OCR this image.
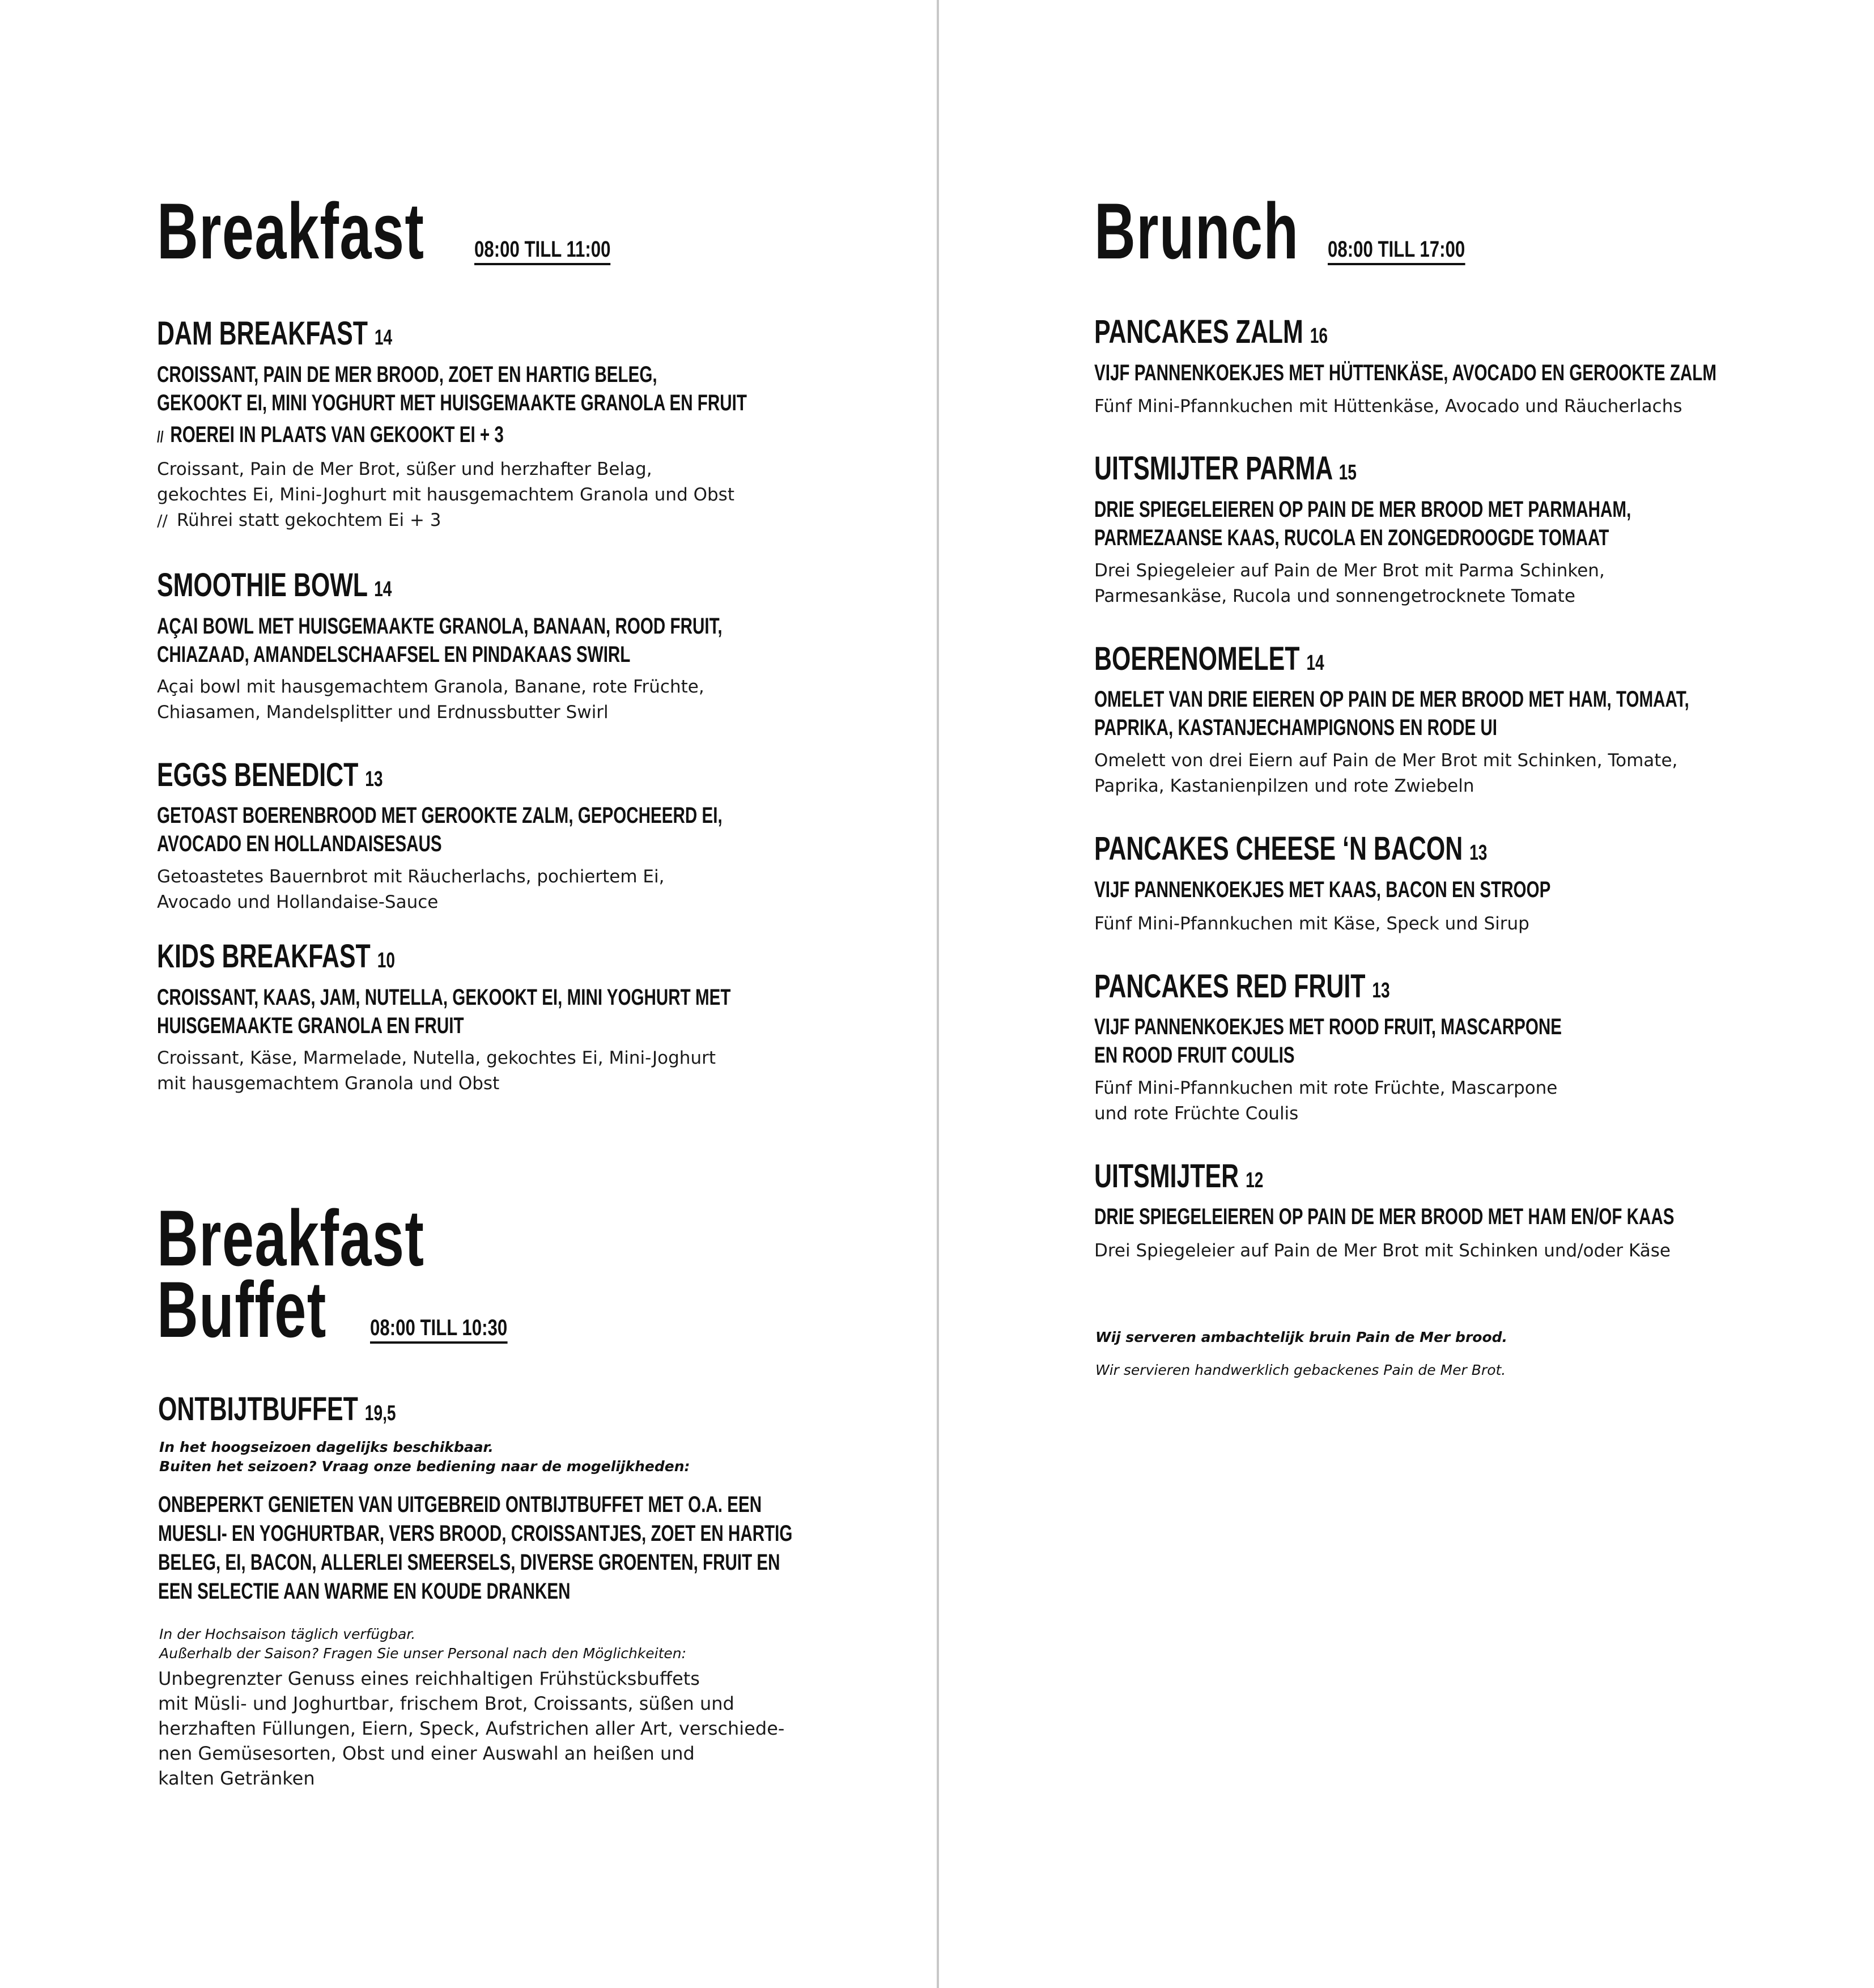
Breakfast	08:00 TILL 11:00
DAM BREAKFAST 14
CROISSANT, PAIN DE MER BROOD, ZOET EN HARTIG BELEG,
GEKOOKT EI, MINI YOGHURT MET HUISGEMAAKTE GRANOLA EN FRUIT
// ROEREI IN PLAATS VAN GEKOOKT EI + 3
Croissant, Pain de Mer Brot, süßer und herzhafter Belag,
gekochtes Ei, Mini-Joghurt mit hausgemachtem Granola und Obst
// Rührei statt gekochtem Ei + 3
SMOOTHIE BOWL 14
AÇAI BOWL MET HUISGEMAAKTE GRANOLA, BANAAN, ROOD FRUIT,
CHIAZAAD, AMANDELSCHAAFSEL EN PINDAKAAS SWIRL
Açai bowl mit hausgemachtem Granola, Banane, rote Früchte,
Chiasamen, Mandelsplitter und Erdnussbutter Swirl
EGGS BENEDICT 13
GETOAST BOERENBROOD MET GEROOKTE ZALM, GEPOCHEERD EI,
AVOCADO EN HOLLANDAISESAUS
Getoastetes Bauernbrot mit Räucherlachs, pochiertem Ei,
Avocado und Hollandaise-Sauce
KIDS BREAKFAST 10
CROISSANT, KAAS, JAM, NUTELLA, GEKOOKT EI, MINI YOGHURT MET
HUISGEMAAKTE GRANOLA EN FRUIT
Croissant, Käse, Marmelade, Nutella, gekochtes Ei, Mini-Joghurt
mit hausgemachtem Granola und Obst
Breakfast
Buffet	08:00 TILL 10:30
ONTBIJTBUFFET 19,5
In het hoogseizoen dagelijks beschikbaar.
Buiten het seizoen? Vraag onze bediening naar de mogelijkheden:
ONBEPERKT GENIETEN VAN UITGEBREID ONTBIJTBUFFET MET O.A. EEN
MUESLI- EN YOGHURTBAR, VERS BROOD, CROISSANTJES, ZOET EN HARTIG
BELEG, EI, BACON, ALLERLEI SMEERSELS, DIVERSE GROENTEN, FRUIT EN
EEN SELECTIE AAN WARME EN KOUDE DRANKEN
In der Hochsaison täglich verfügbar.
Außerhalb der Saison? Fragen Sie unser Personal nach den Möglichkeiten:
Unbegrenzter Genuss eines reichhaltigen Frühstücksbuffets
mit Müsli- und Joghurtbar, frischem Brot, Croissants, süßen und
herzhaften Füllungen, Eiern, Speck, Aufstrichen aller Art, verschiede-
nen Gemüsesorten, Obst und einer Auswahl an heißen und
kalten Getränken
Brunch	08:00 TILL 17:00
PANCAKES ZALM 16
VIJF PANNENKOEKJES MET HÜTTENKÄSE, AVOCADO EN GEROOKTE ZALM
Fünf Mini-Pfannkuchen mit Hüttenkäse, Avocado und Räucherlachs
UITSMIJTER PARMA 15
DRIE SPIEGELEIEREN OP PAIN DE MER BROOD MET PARMAHAM,
PARMEZAANSE KAAS, RUCOLA EN ZONGEDROOGDE TOMAAT
Drei Spiegeleier auf Pain de Mer Brot mit Parma Schinken,
Parmesankäse, Rucola und sonnengetrocknete Tomate
BOERENOMELET 14
OMELET VAN DRIE EIEREN OP PAIN DE MER BROOD MET HAM, TOMAAT,
PAPRIKA, KASTANJECHAMPIGNONS EN RODE UI
Omelett von drei Eiern auf Pain de Mer Brot mit Schinken, Tomate,
Paprika, Kastanienpilzen und rote Zwiebeln
PANCAKES CHEESE ‘N BACON 13
VIJF PANNENKOEKJES MET KAAS, BACON EN STROOP
Fünf Mini-Pfannkuchen mit Käse, Speck und Sirup
PANCAKES RED FRUIT 13
VIJF PANNENKOEKJES MET ROOD FRUIT, MASCARPONE
EN ROOD FRUIT COULIS
Fünf Mini-Pfannkuchen mit rote Früchte, Mascarpone
und rote Früchte Coulis
UITSMIJTER 12
DRIE SPIEGELEIEREN OP PAIN DE MER BROOD MET HAM EN/OF KAAS
Drei Spiegeleier auf Pain de Mer Brot mit Schinken und/oder Käse
Wij serveren ambachtelijk bruin Pain de Mer brood.
Wir servieren handwerklich gebackenes Pain de Mer Brot.
